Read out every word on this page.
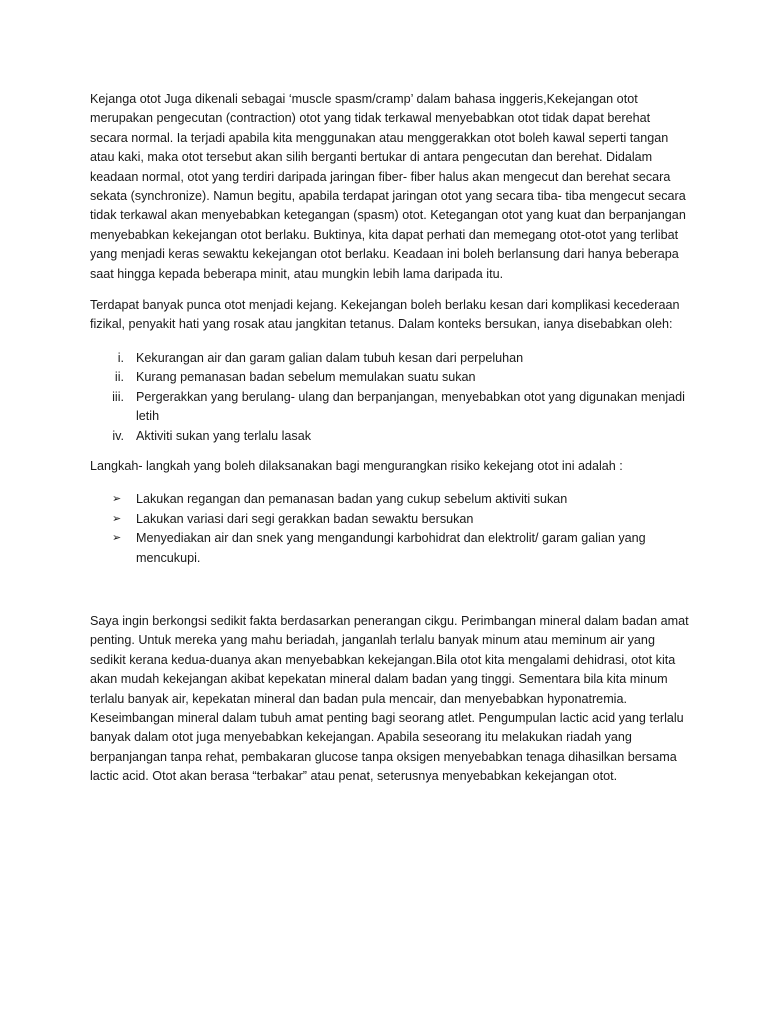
Kejanga otot Juga dikenali sebagai ‘muscle spasm/cramp’ dalam bahasa inggeris,Kekejangan otot merupakan pengecutan (contraction) otot yang tidak terkawal menyebabkan otot tidak dapat berehat secara normal. Ia terjadi apabila kita menggunakan atau menggerakkan otot boleh kawal seperti tangan atau kaki, maka otot tersebut akan silih berganti bertukar di antara pengecutan dan berehat. Didalam keadaan normal, otot yang terdiri daripada jaringan fiber- fiber halus akan mengecut dan berehat secara sekata (synchronize). Namun begitu, apabila terdapat jaringan otot yang secara tiba- tiba mengecut secara tidak terkawal akan menyebabkan ketegangan (spasm) otot. Ketegangan otot yang kuat dan berpanjangan menyebabkan kekejangan otot berlaku. Buktinya, kita dapat perhati dan memegang otot-otot yang terlibat yang menjadi keras sewaktu kekejangan otot berlaku. Keadaan ini boleh berlansung dari hanya beberapa saat hingga kepada beberapa minit, atau mungkin lebih lama daripada itu.

Terdapat banyak punca otot menjadi kejang. Kekejangan boleh berlaku kesan dari komplikasi kecederaan fizikal, penyakit hati yang rosak atau jangkitan tetanus. Dalam konteks bersukan, ianya disebabkan oleh:

i. Kekurangan air dan garam galian dalam tubuh kesan dari perpeluhan
ii. Kurang pemanasan badan sebelum memulakan suatu sukan
iii. Pergerakkan yang berulang- ulang dan berpanjangan, menyebabkan otot yang digunakan menjadi letih
iv. Aktiviti sukan yang terlalu lasak

Langkah- langkah yang boleh dilaksanakan bagi mengurangkan risiko kekejang otot ini adalah :

➢ Lakukan regangan dan pemanasan badan yang cukup sebelum aktiviti sukan
➢ Lakukan variasi dari segi gerakkan badan sewaktu bersukan
➢ Menyediakan air dan snek yang mengandungi karbohidrat dan elektrolit/ garam galian yang mencukupi.

Saya ingin berkongsi sedikit fakta berdasarkan penerangan cikgu. Perimbangan mineral dalam badan amat penting. Untuk mereka yang mahu beriadah, janganlah terlalu banyak minum atau meminum air yang sedikit kerana kedua-duanya akan menyebabkan kekejangan.Bila otot kita mengalami dehidrasi, otot kita akan mudah kekejangan akibat kepekatan mineral dalam badan yang tinggi. Sementara bila kita minum terlalu banyak air, kepekatan mineral dan badan pula mencair, dan menyebabkan hyponatremia. Keseimbangan mineral dalam tubuh amat penting bagi seorang atlet. Pengumpulan lactic acid yang terlalu banyak dalam otot juga menyebabkan kekejangan. Apabila seseorang itu melakukan riadah yang berpanjangan tanpa rehat, pembakaran glucose tanpa oksigen menyebabkan tenaga dihasilkan bersama lactic acid. Otot akan berasa “terbakar” atau penat, seterusnya menyebabkan kekejangan otot.
